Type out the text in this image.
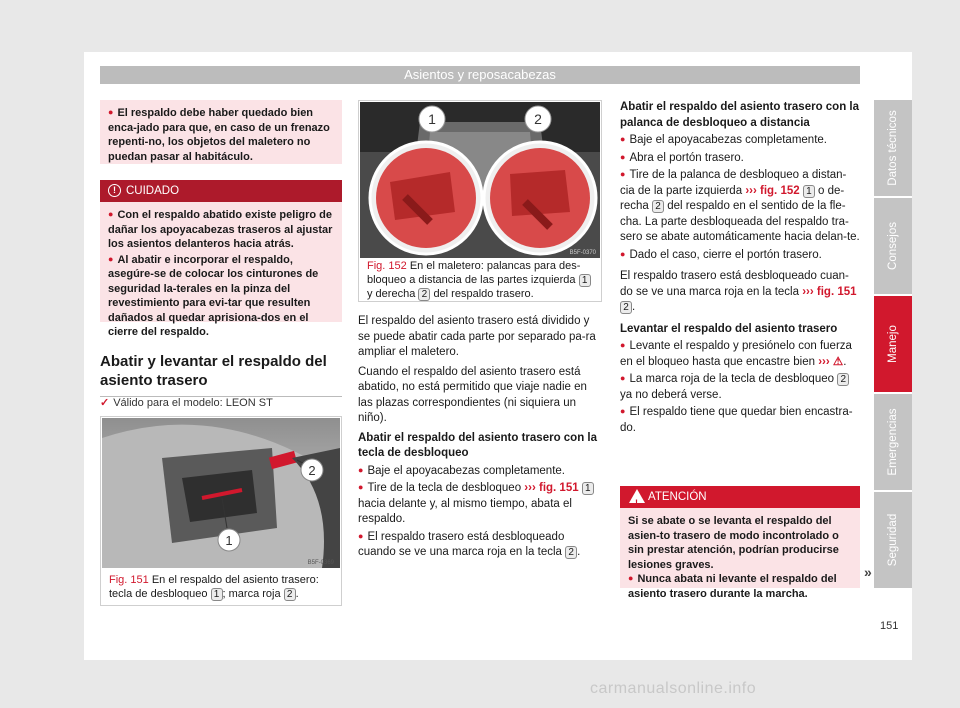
Asientos y reposacabezas
● El respaldo debe haber quedado bien enca-jado para que, en caso de un frenazo repenti-no, los objetos del maletero no puedan pasar al habitáculo.
! CUIDADO

● Con el respaldo abatido existe peligro de dañar los apoyacabezas traseros al ajustar los asientos delanteros hacia atrás.

● Al abatir e incorporar el respaldo, asegúre-se de colocar los cinturones de seguridad la-terales en la pinza del revestimiento para evi-tar que resulten dañados al quedar aprisiona-dos en el cierre del respaldo.

Abatir y levantar el respaldo del asiento trasero
✓ Válido para el modelo: LEON ST
2
1
B5F-0369
Fig. 151 En el respaldo del asiento trasero: tecla de desbloqueo 1 ; marca roja 2 .
1	2
B5F-0370
Fig. 152 En el maletero: palancas para des-bloqueo a distancia de las partes izquierda 1 y derecha 2 del respaldo trasero.

El respaldo del asiento trasero está dividido y se puede abatir cada parte por separado pa-ra ampliar el maletero.

Cuando el respaldo del asiento trasero está abatido, no está permitido que viaje nadie en las plazas correspondientes (ni siquiera un niño).

Abatir el respaldo del asiento trasero con la tecla de desbloqueo

● Baje el apoyacabezas completamente.

● Tire de la tecla de desbloqueo ››› fig. 151 1 hacia delante y, al mismo tiempo, abata el respaldo.

● El respaldo trasero está desbloqueado cuando se ve una marca roja en la tecla 2 .

Abatir el respaldo del asiento trasero con la palanca de desbloqueo a distancia

● Baje el apoyacabezas completamente.

● Abra el portón trasero.

● Tire de la palanca de desbloqueo a distan-cia de la parte izquierda ››› fig. 152 1 o de-recha 2 del respaldo en el sentido de la fle-cha. La parte desbloqueada del respaldo tra-sero se abate automáticamente hacia delan-te.

● Dado el caso, cierre el portón trasero.

El respaldo trasero está desbloqueado cuan-do se ve una marca roja en la tecla ››› fig. 151 2 .

Levantar el respaldo del asiento trasero

● Levante el respaldo y presiónelo con fuerza en el bloqueo hasta que encastre bien ››› ⚠.

● La marca roja de la tecla de desbloqueo 2 ya no deberá verse.

● El respaldo tiene que quedar bien encastra-do.

! ATENCIÓN

Si se abate o se levanta el respaldo del asien-to trasero de modo incontrolado o sin prestar atención, podrían producirse lesiones graves.

● Nunca abata ni levante el respaldo del asiento trasero durante la marcha.

»
Datos técnicos
Consejos
Manejo
Emergencias
Seguridad
151
carmanualsonline.info
